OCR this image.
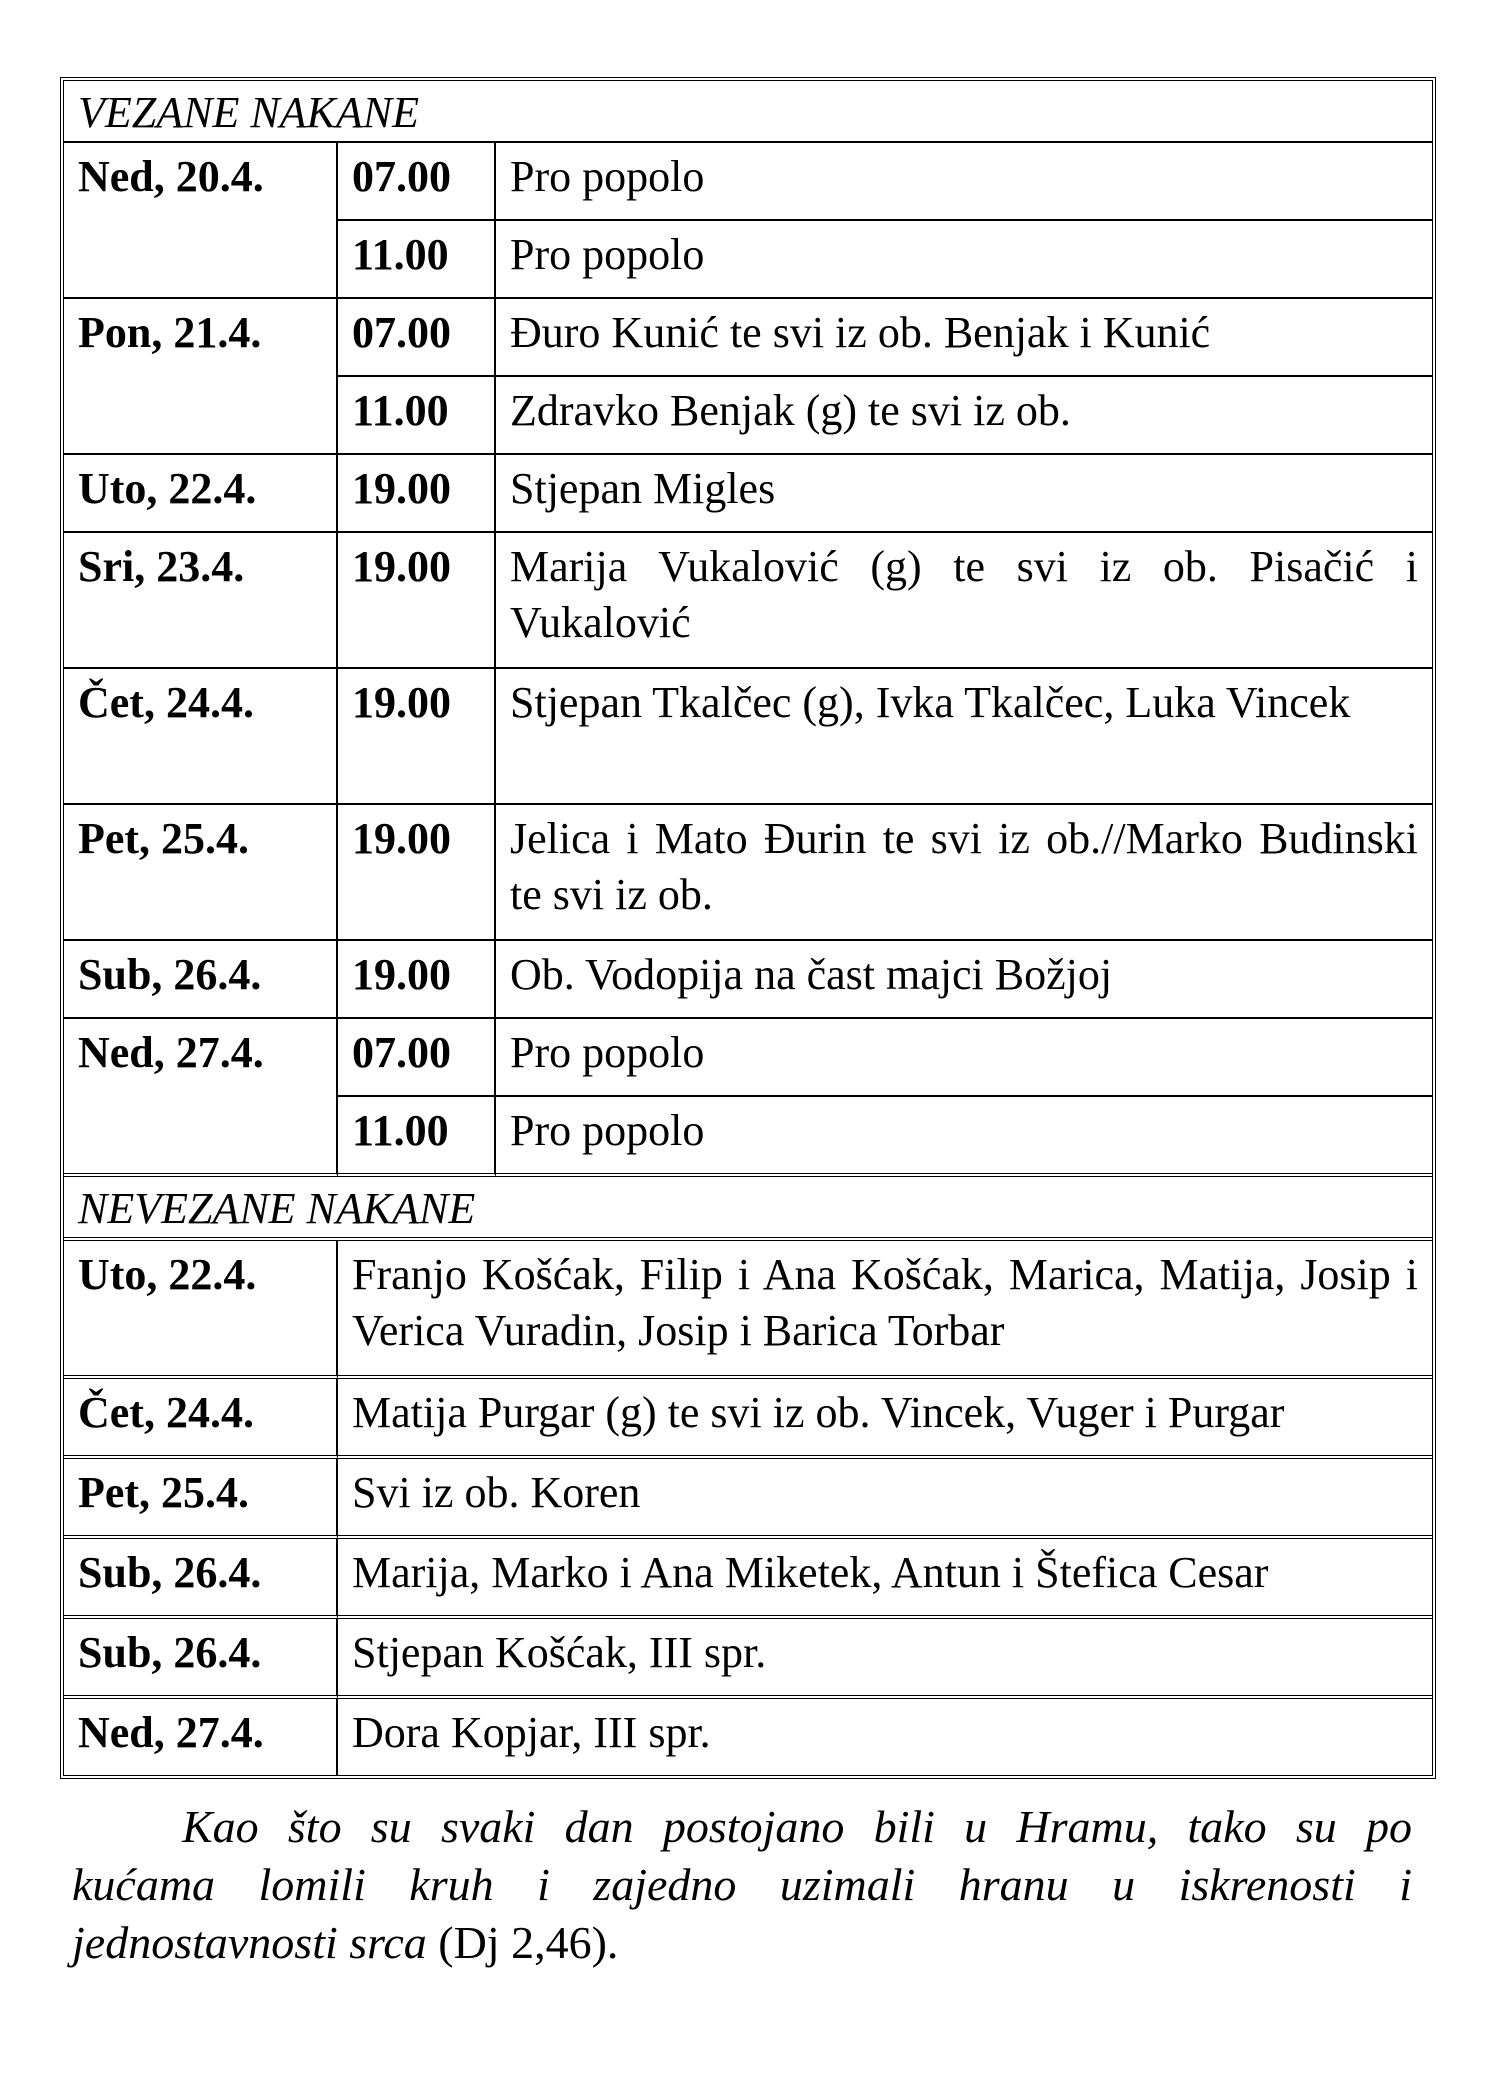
VEZANE NAKANE		
Ned, 20.4.	07.00	Pro popolo
	11.00	Pro popolo
Pon, 21.4.	07.00	Đuro Kunić te svi iz ob. Benjak i Kunić
	11.00	Zdravko Benjak (g) te svi iz ob.
Uto, 22.4.	19.00	Stjepan Migles
Sri, 23.4.	19.00	Marija Vukalović (g) te svi iz ob. Pisačić i Vukalović
Čet, 24.4.	19.00	Stjepan Tkalčec (g), Ivka Tkalčec, Luka Vincek
Pet, 25.4.	19.00	Jelica i Mato Đurin te svi iz ob.//Marko Budinski te svi iz ob.
Sub, 26.4.	19.00	Ob. Vodopija na čast majci Božjoj
Ned, 27.4.	07.00	Pro popolo
	11.00	Pro popolo
NEVEZANE NAKANE		
Uto, 22.4.	Franjo Košćak, Filip i Ana Košćak, Marica, Matija, Josip i Verica Vuradin, Josip i Barica Torbar	
Čet, 24.4.	Matija Purgar (g) te svi iz ob. Vincek, Vuger i Purgar	
Pet, 25.4.	Svi iz ob. Koren	
Sub, 26.4.	Marija, Marko i Ana Miketek, Antun i Štefica Cesar	
Sub, 26.4.	Stjepan Košćak, III spr.	
Ned, 27.4.	Dora Kopjar, III spr.	
Kao što su svaki dan postojano bili u Hramu, tako su po
kućama lomili kruh i zajedno uzimali hranu u iskrenosti i
jednostavnosti srca (Dj 2,46).
